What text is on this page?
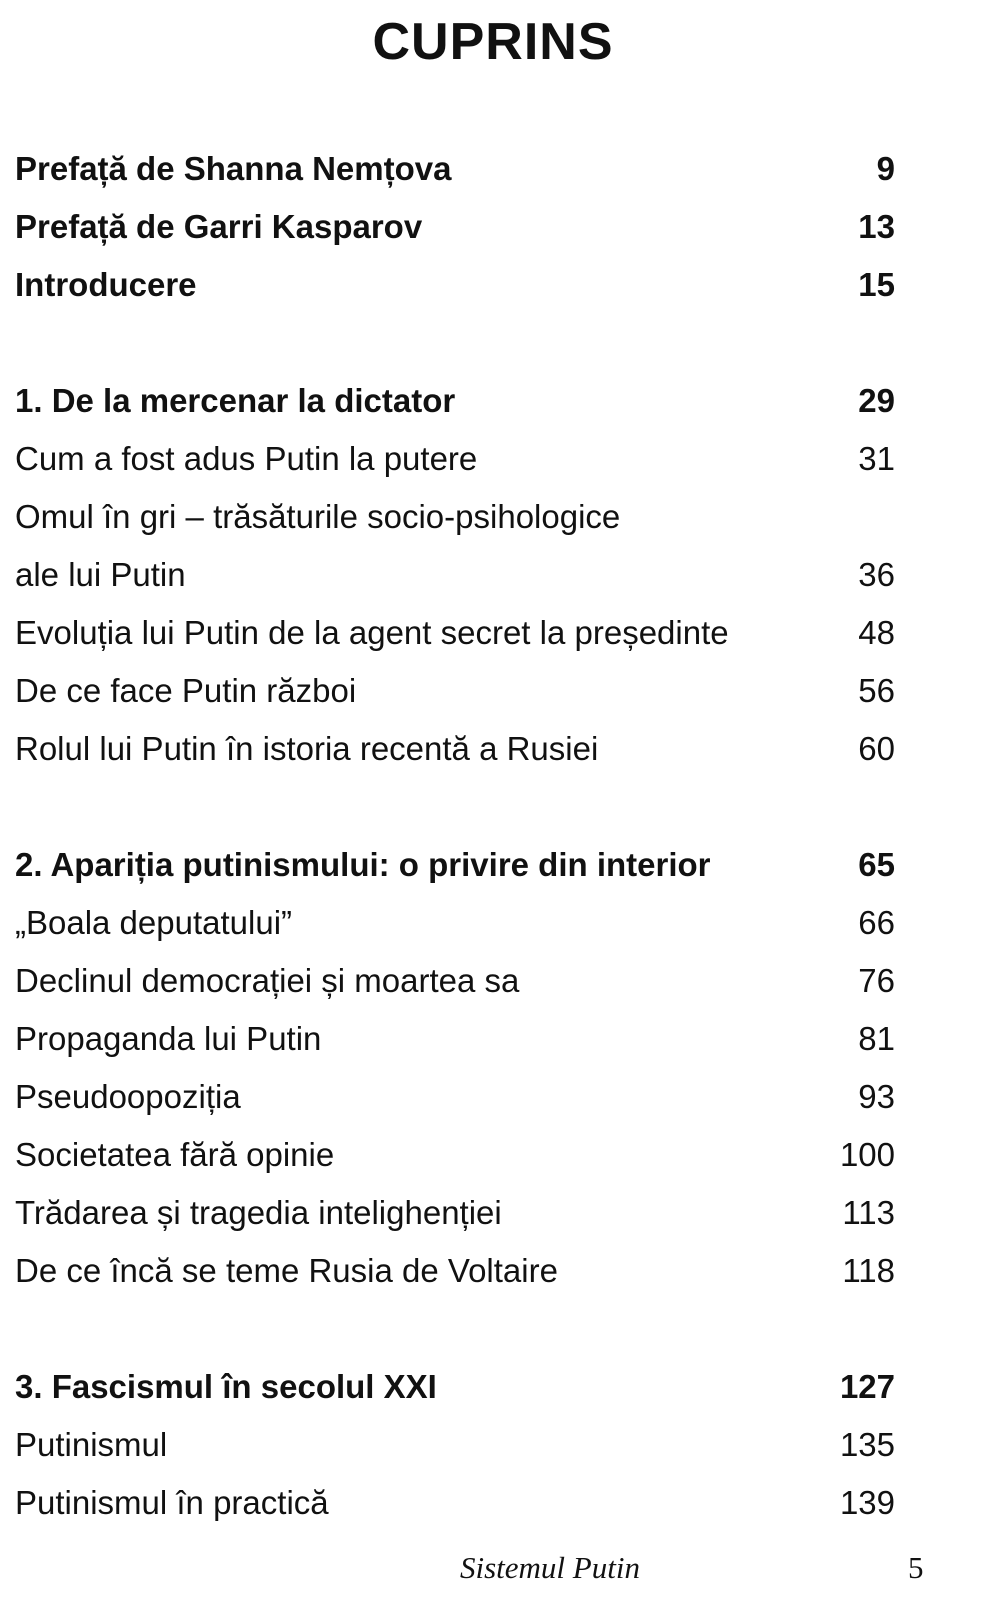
CUPRINS
Prefață de Shanna Nemțova	9
Prefață de Garri Kasparov	13
Introducere	15
1. De la mercenar la dictator	29
Cum a fost adus Putin la putere	31
Omul în gri – trăsăturile socio-psihologice
ale lui Putin	36
Evoluția lui Putin de la agent secret la președinte	48
De ce face Putin război	56
Rolul lui Putin în istoria recentă a Rusiei	60
2. Apariția putinismului: o privire din interior	65
„Boala deputatului”	66
Declinul democrației și moartea sa	76
Propaganda lui Putin	81
Pseudoopoziția	93
Societatea fără opinie	100
Trădarea și tragedia intelighenției	113
De ce încă se teme Rusia de Voltaire	118
3. Fascismul în secolul XXI	127
Putinismul	135
Putinismul în practică	139
Sistemul Putin	5
